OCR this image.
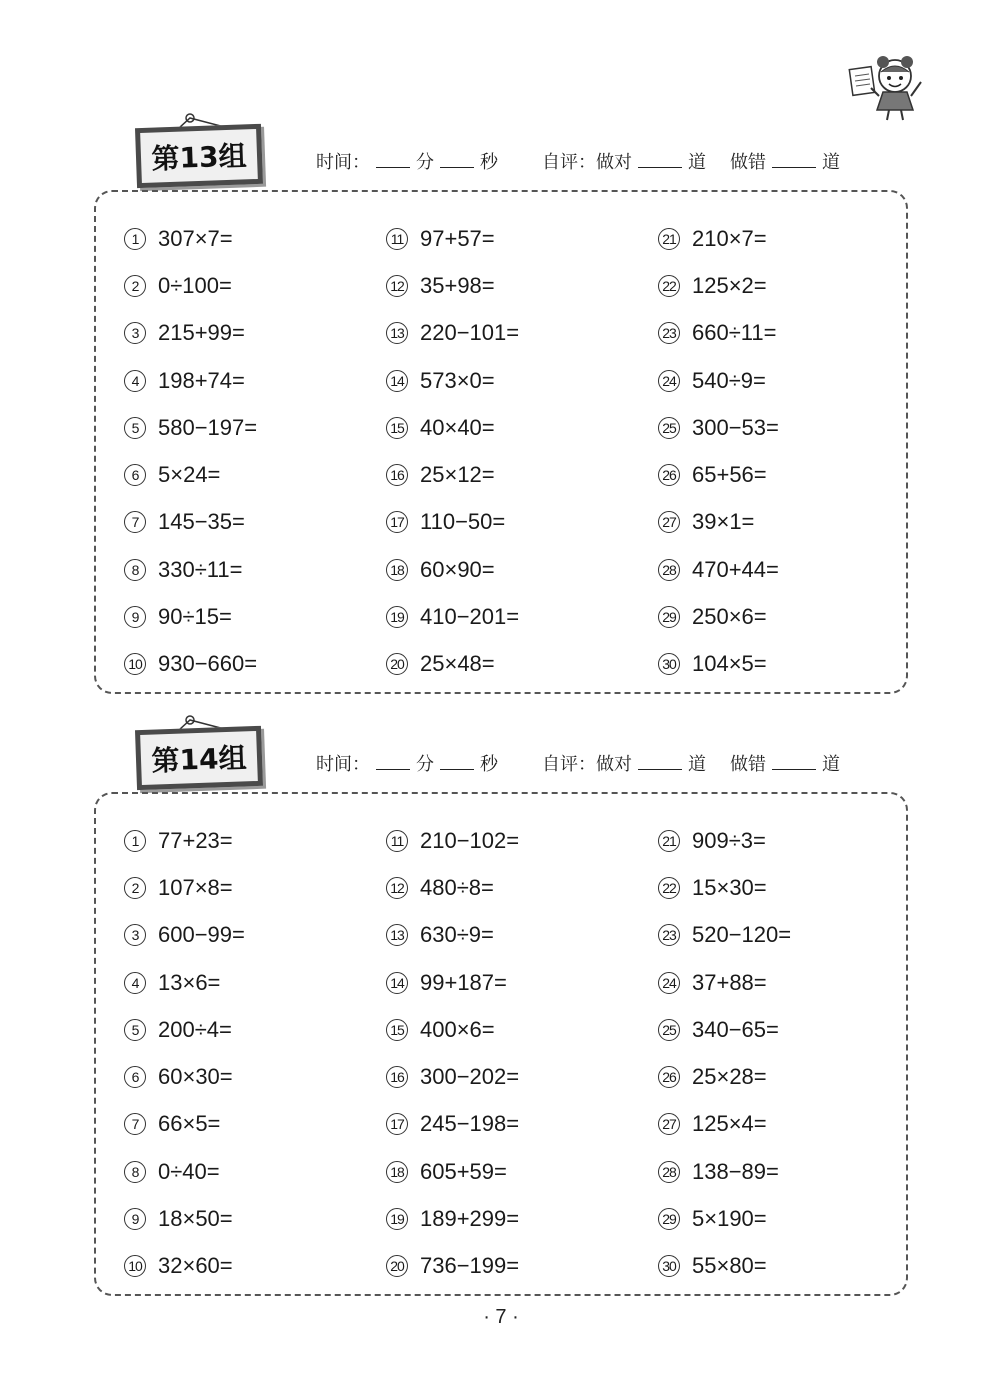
第13组	时间：	分	秒 自评：做对	道 做错	道
1 307×7=
2 0÷100=
3 215+99=
4 198+74=
5 580−197=
6 5×24=
7 145−35=
8 330÷11=
9 90÷15=
10 930−660=
11 97+57=
12 35+98=
13 220−101=
14 573×0=
15 40×40=
16 25×12=
17 110−50=
18 60×90=
19 410−201=
20 25×48=
21 210×7=
22 125×2=
23 660÷11=
24 540÷9=
25 300−53=
26 65+56=
27 39×1=
28 470+44=
29 250×6=
30 104×5=
第14组	时间：	分	秒 自评：做对	道 做错	道
1 77+23=
2 107×8=
3 600−99=
4 13×6=
5 200÷4=
6 60×30=
7 66×5=
8 0÷40=
9 18×50=
10 32×60=
11 210−102=
12 480÷8=
13 630÷9=
14 99+187=
15 400×6=
16 300−202=
17 245−198=
18 605+59=
19 189+299=
20 736−199=
21 909÷3=
22 15×30=
23 520−120=
24 37+88=
25 340−65=
26 25×28=
27 125×4=
28 138−89=
29 5×190=
30 55×80=
· 7 ·
